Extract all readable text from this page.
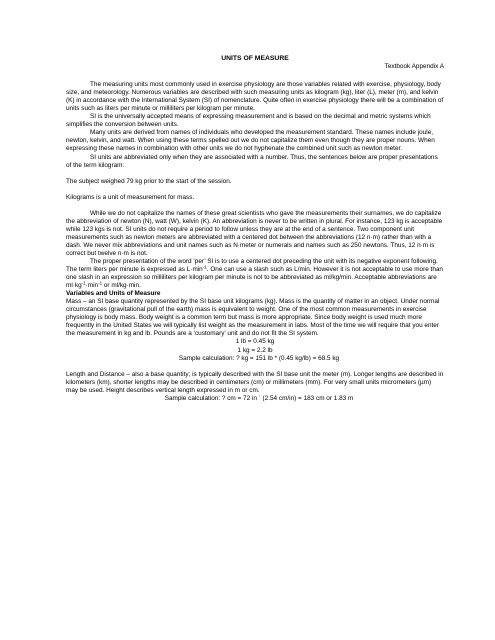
UNITS OF MEASURE

Textbook Appendix A

The measuring units most commonly used in exercise physiology are those variables related with exercise, physiology, body size, and meteorology. Numerous variables are described with such measuring units as kilogram (kg), liter (L), meter (m), and kelvin (K) in accordance with the International System (SI) of nomenclature. Quite often in exercise physiology there will be a combination of units such as liters per minute or milliliters per kilogram per minute.

SI is the universally accepted means of expressing measurement and is based on the decimal and metric systems which simplifies the conversion between units.

Many units are derived from names of individuals who developed the measurement standard. These names include joule, newton, kelvin, and watt. When using these terms spelled out we do not capitalize them even though they are proper nouns. When expressing these names in combination with other units we do not hyphenate the combined unit such as newton meter.

SI units are abbreviated only when they are associated with a number. Thus, the sentences below are proper presentations of the term kilogram:

The subject weighed 79 kg prior to the start of the session.

Kilograms is a unit of measurement for mass.

While we do not capitalize the names of these great scientists who gave the measurements their surnames, we do capitalize the abbreviation of newton (N), watt (W), kelvin (K). An abbreviation is never to be written in plural. For instance, 123 kg is acceptable while 123 kgs is not. SI units do not require a period to follow unless they are at the end of a sentence. Two component unit measurements such as newton meters are abbreviated with a centered dot between the abbreviations (12 n·m) rather than with a dash. We never mix abbreviations and unit names such as N·meter or numerals and names such as 250 newtons. Thus, 12 n·m is correct but twelve n·m is not.

The proper presentation of the word ‘per’ SI is to use a centered dot preceding the unit with its negative exponent following. The term liters per minute is expressed as $L\cdot\min^{-1}$. One can use a slash such as L/min. However it is not acceptable to use more than one slash in an expression so milliliters per kilogram per minute is not to be abbreviated as ml/kg/min. Acceptable abbreviations are $ml\cdot kg^{-1}\cdot\min^{-1}$ or ml/kg·min.

Variables and Units of Measure

Mass – an SI base quantity represented by the SI base unit kilograms (kg). Mass is the quantity of matter in an object. Under normal circumstances (gravitational pull of the earth) mass is equivalent to weight. One of the most common measurements in exercise physiology is body mass. Body weight is a common term but mass is more appropriate. Since body weight is used much more frequently in the United States we will typically list weight as the measurement in labs. Most of the time we will require that you enter the measurement in kg and lb. Pounds are a ‘customary’ unit and do not fit the SI system.

1 lb = 0.45 kg

1 kg = 2.2 lb

Sample calculation: ? kg = 151 lb * (0.45 kg/lb) = 68.5 kg

Length and Distance – also a base quantity; is typically described with the SI base unit the meter (m). Longer lengths are described in kilometers (km), shorter lengths may be described in centimeters (cm) or millimeters (mm). For very small units micrometers (µm) may be used. Height describes vertical length expressed in m or cm.

Sample calculation: ? cm = 72 in ˙ (2.54 cm/in) = 183 cm or 1.83 m
